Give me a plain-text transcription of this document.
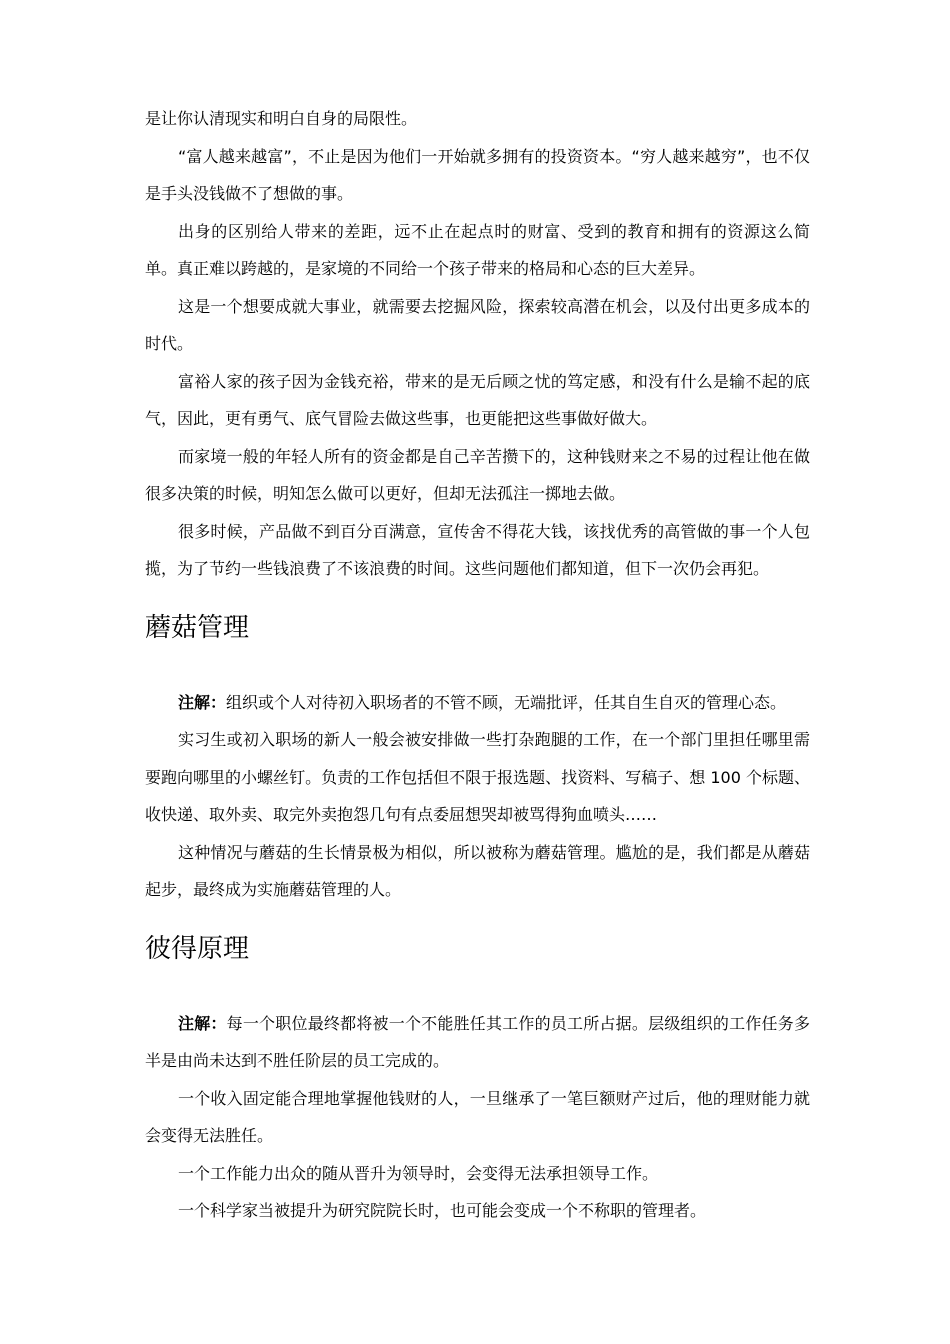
是让你认清现实和明白自身的局限性。

“富人越来越富”，不止是因为他们一开始就多拥有的投资资本。“穷人越来越穷”，也不仅是手头没钱做不了想做的事。

出身的区别给人带来的差距，远不止在起点时的财富、受到的教育和拥有的资源这么简单。真正难以跨越的，是家境的不同给一个孩子带来的格局和心态的巨大差异。

这是一个想要成就大事业，就需要去挖掘风险，探索较高潜在机会，以及付出更多成本的时代。

富裕人家的孩子因为金钱充裕，带来的是无后顾之忧的笃定感，和没有什么是输不起的底气，因此，更有勇气、底气冒险去做这些事，也更能把这些事做好做大。

而家境一般的年轻人所有的资金都是自己辛苦攒下的，这种钱财来之不易的过程让他在做很多决策的时候，明知怎么做可以更好，但却无法孤注一掷地去做。

很多时候，产品做不到百分百满意，宣传舍不得花大钱，该找优秀的高管做的事一个人包揽，为了节约一些钱浪费了不该浪费的时间。这些问题他们都知道，但下一次仍会再犯。

蘑菇管理

注解：组织或个人对待初入职场者的不管不顾，无端批评，任其自生自灭的管理心态。

实习生或初入职场的新人一般会被安排做一些打杂跑腿的工作，在一个部门里担任哪里需要跑向哪里的小螺丝钉。负责的工作包括但不限于报选题、找资料、写稿子、想 100 个标题、收快递、取外卖、取完外卖抱怨几句有点委屈想哭却被骂得狗血喷头……

这种情况与蘑菇的生长情景极为相似，所以被称为蘑菇管理。尴尬的是，我们都是从蘑菇起步，最终成为实施蘑菇管理的人。

彼得原理

注解：每一个职位最终都将被一个不能胜任其工作的员工所占据。层级组织的工作任务多半是由尚未达到不胜任阶层的员工完成的。

一个收入固定能合理地掌握他钱财的人，一旦继承了一笔巨额财产过后，他的理财能力就会变得无法胜任。

一个工作能力出众的随从晋升为领导时，会变得无法承担领导工作。

一个科学家当被提升为研究院院长时，也可能会变成一个不称职的管理者。
